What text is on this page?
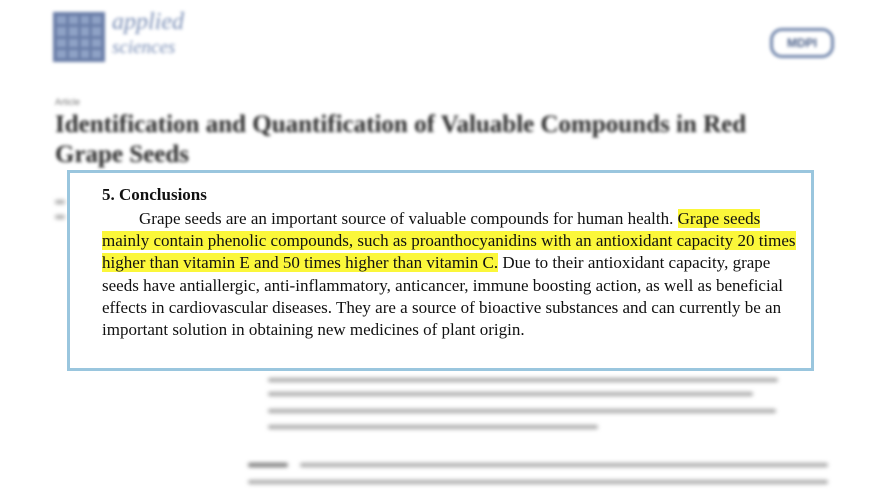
applied
sciences	MDPI
Article
Identification and Quantification of Valuable Compounds in Red Grape Seeds
5. Conclusions

Grape seeds are an important source of valuable compounds for human health. Grape seeds mainly contain phenolic compounds, such as proanthocyanidins with an antioxidant capacity 20 times higher than vitamin E and 50 times higher than vitamin C. Due to their antioxidant capacity, grape seeds have antiallergic, anti-inflammatory, anticancer, immune boosting action, as well as beneficial effects in cardiovascular diseases. They are a source of bioactive substances and can currently be an important solution in obtaining new medicines of plant origin.
